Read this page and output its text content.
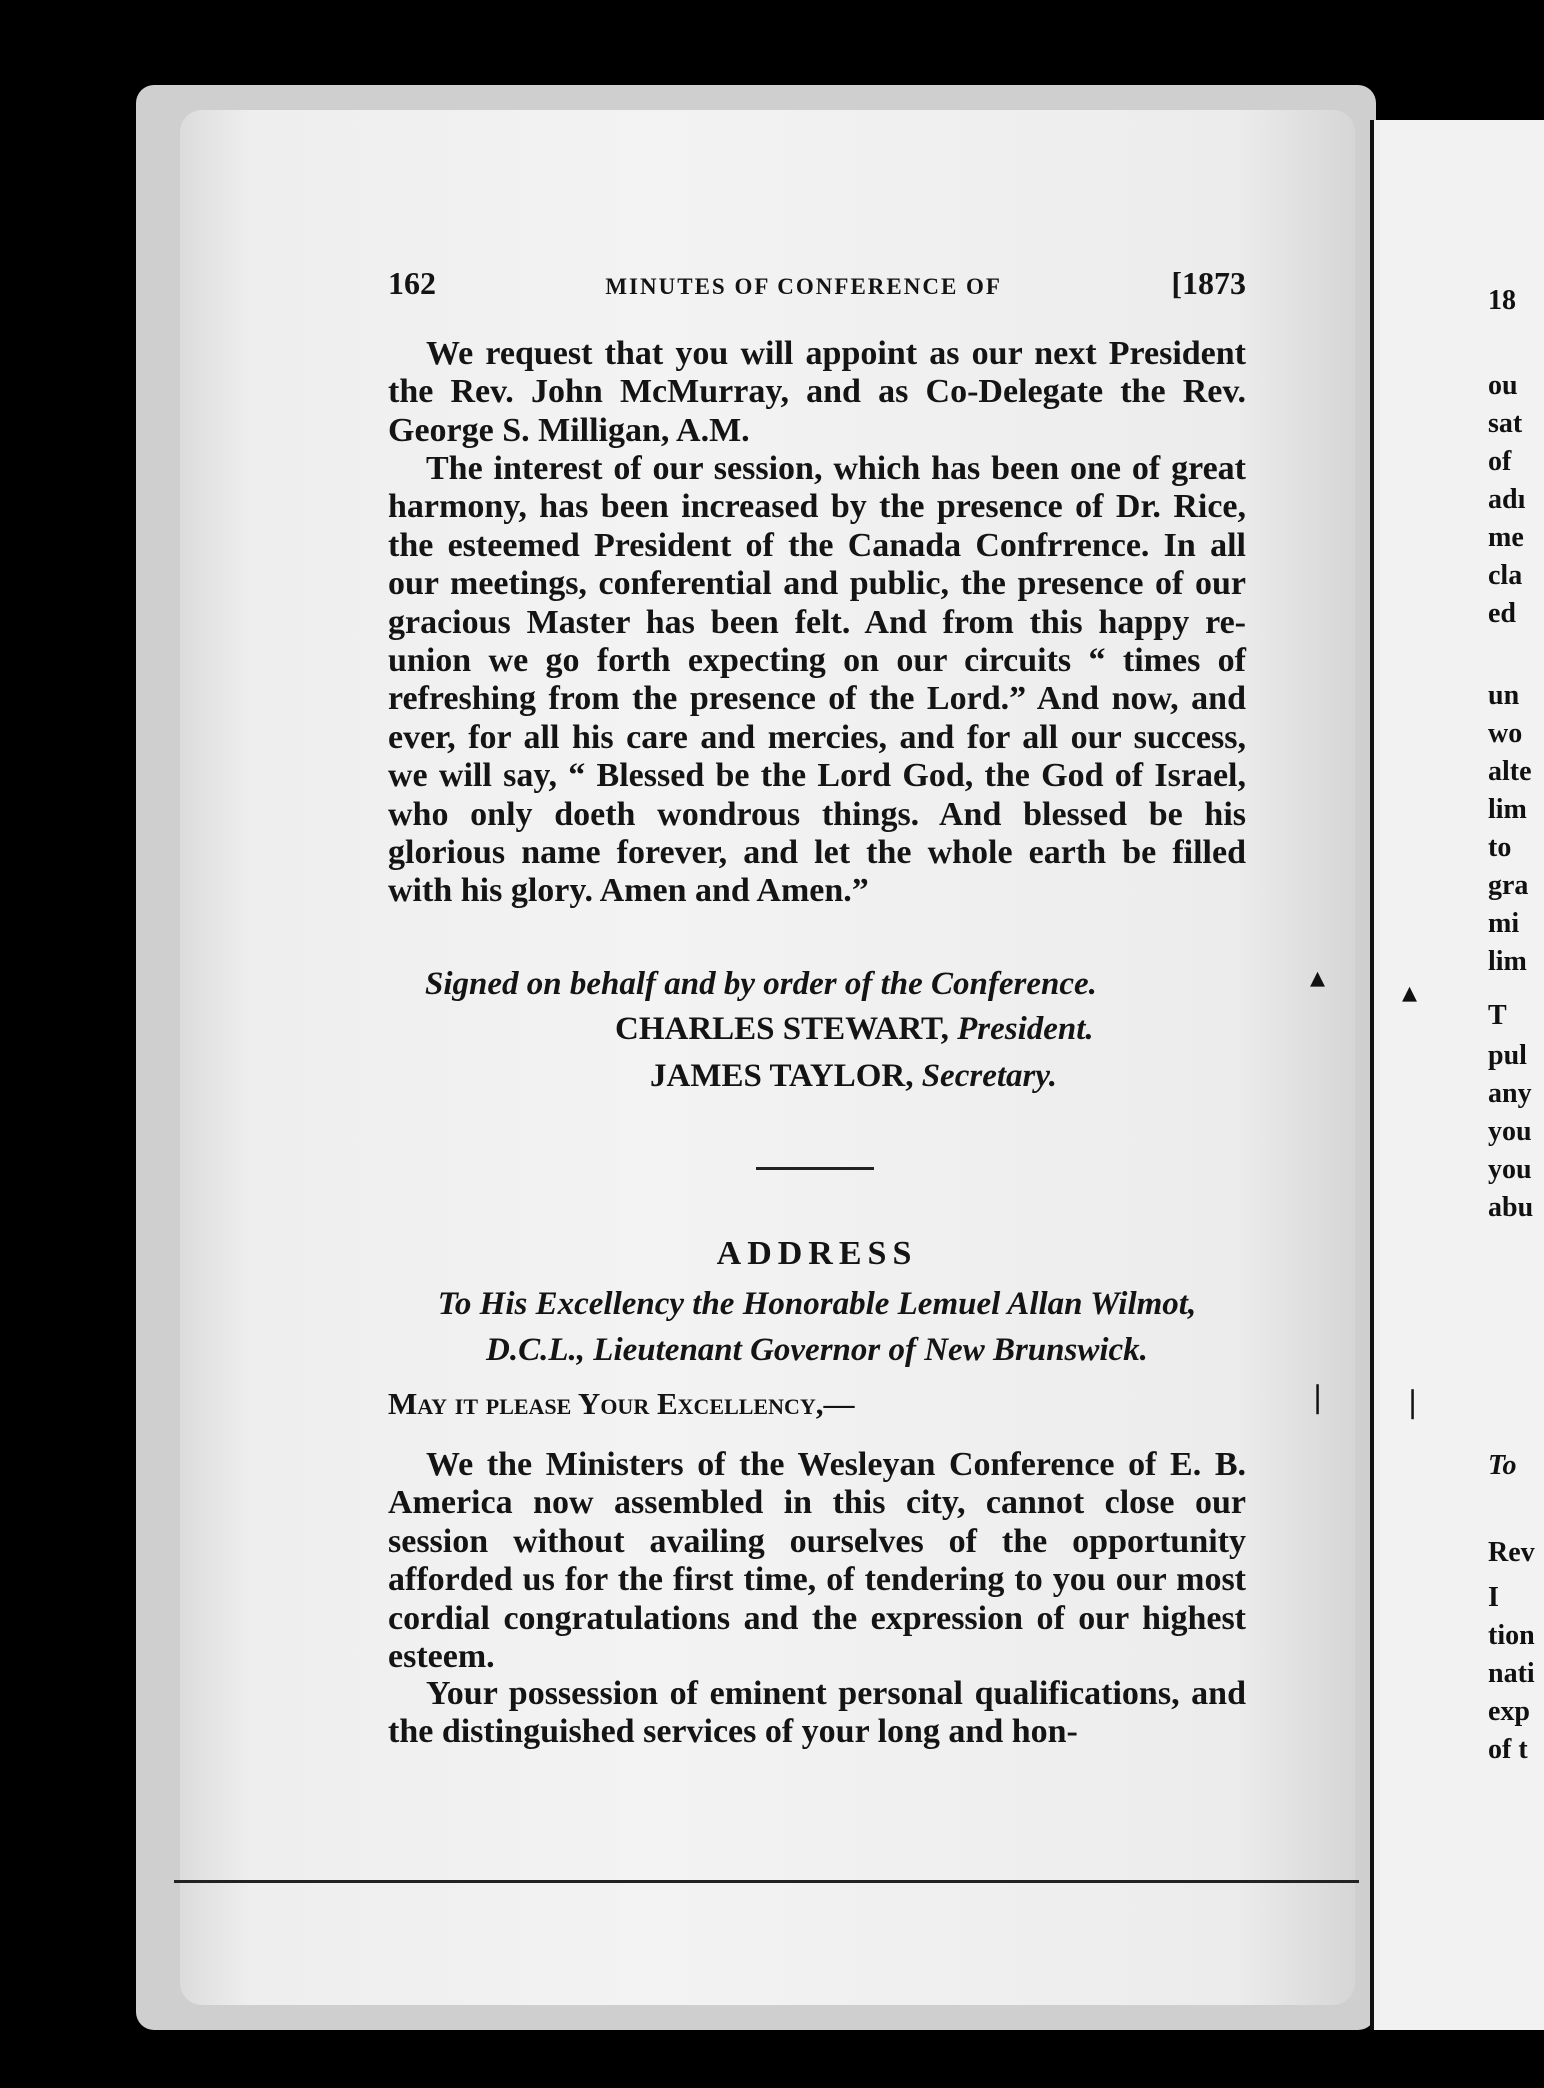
18
ou
sat
of
adı
me
cla
ed
un
wo
alte
lim
to
gra
mi
lim
T
pul
any
you
you
abu
To
Rev
I
tion
nati
exp
of t
162	MINUTES OF CONFERENCE OF	[1873
We request that you will appoint as our next President the Rev. John McMurray, and as Co-Delegate the Rev. George S. Milligan, A.M.
The interest of our session, which has been one of great harmony, has been increased by the presence of Dr. Rice, the esteemed President of the Canada Confrrence. In all our meetings, conferential and public, the presence of our gracious Master has been felt. And from this happy re-union we go forth expecting on our circuits “ times of refreshing from the presence of the Lord.” And now, and ever, for all his care and mercies, and for all our success, we will say, “ Blessed be the Lord God, the God of Israel, who only doeth wondrous things. And blessed be his glorious name forever, and let the whole earth be filled with his glory. Amen and Amen.”
Signed on behalf and by order of the Conference.
CHARLES STEWART, President.
JAMES TAYLOR, Secretary.
ADDRESS
To His Excellency the Honorable Lemuel Allan Wilmot,
D.C.L., Lieutenant Governor of New Brunswick.
May it please Your Excellency,—
We the Ministers of the Wesleyan Conference of E. B. America now assembled in this city, cannot close our session without availing ourselves of the opportunity afforded us for the first time, of tendering to you our most cordial congratulations and the expression of our highest esteem.
Your possession of eminent personal qualifications, and the distinguished services of your long and hon-
▴	▴
❘ ❘
